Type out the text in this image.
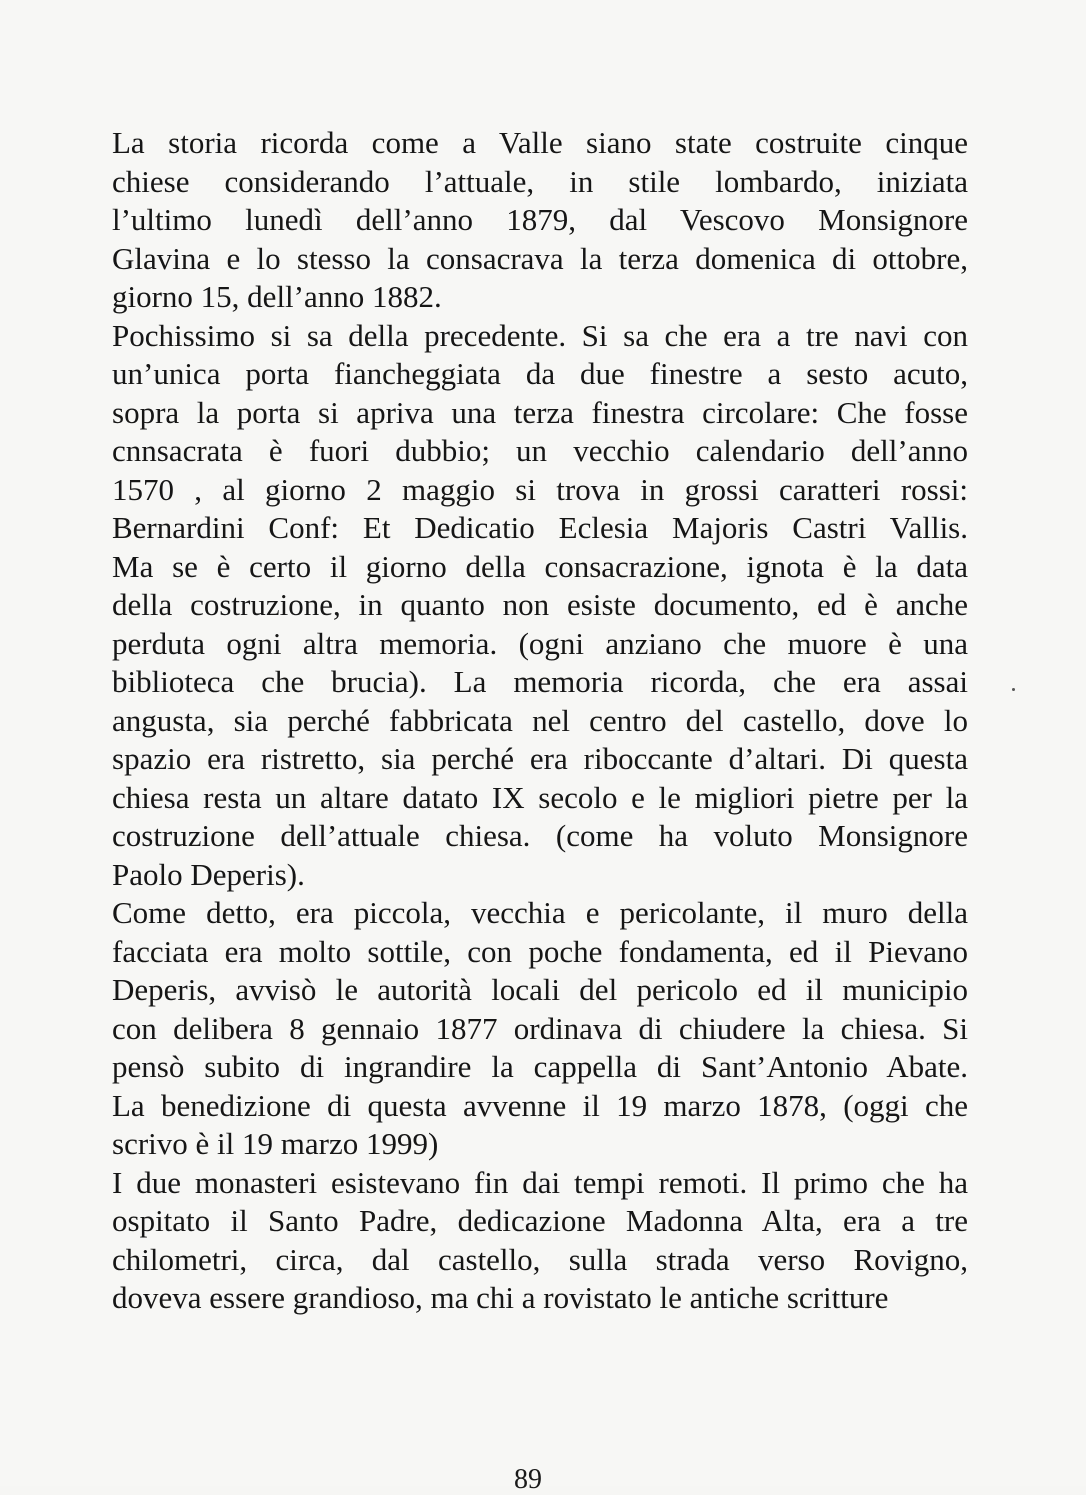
La storia ricorda come a Valle siano state costruite cinque
chiese considerando l’attuale, in stile lombardo, iniziata
l’ultimo lunedì dell’anno 1879, dal Vescovo Monsignore
Glavina e lo stesso la consacrava la terza domenica di ottobre,
giorno 15, dell’anno 1882.
Pochissimo si sa della precedente. Si sa che era a tre navi con
un’unica porta fiancheggiata da due finestre a sesto acuto,
sopra la porta si apriva una terza finestra circolare: Che fosse
cnnsacrata è fuori dubbio; un vecchio calendario dell’anno
1570 , al giorno 2 maggio si trova in grossi caratteri rossi:
Bernardini Conf: Et Dedicatio Eclesia Majoris Castri Vallis.
Ma se è certo il giorno della consacrazione, ignota è la data
della costruzione, in quanto non esiste documento, ed è anche
perduta ogni altra memoria. (ogni anziano che muore è una
biblioteca che brucia). La memoria ricorda, che era assai
angusta, sia perché fabbricata nel centro del castello, dove lo
spazio era ristretto, sia perché era riboccante d’altari. Di questa
chiesa resta un altare datato IX secolo e le migliori pietre per la
costruzione dell’attuale chiesa. (come ha voluto Monsignore
Paolo Deperis).
Come detto, era piccola, vecchia e pericolante, il muro della
facciata era molto sottile, con poche fondamenta, ed il Pievano
Deperis, avvisò le autorità locali del pericolo ed il municipio
con delibera 8 gennaio 1877 ordinava di chiudere la chiesa. Si
pensò subito di ingrandire la cappella di Sant’Antonio Abate.
La benedizione di questa avvenne il 19 marzo 1878, (oggi che
scrivo è il 19 marzo 1999)
I due monasteri esistevano fin dai tempi remoti. Il primo che ha
ospitato il Santo Padre, dedicazione Madonna Alta, era a tre
chilometri, circa, dal castello, sulla strada verso Rovigno,
doveva essere grandioso, ma chi a rovistato le antiche scritture
89
